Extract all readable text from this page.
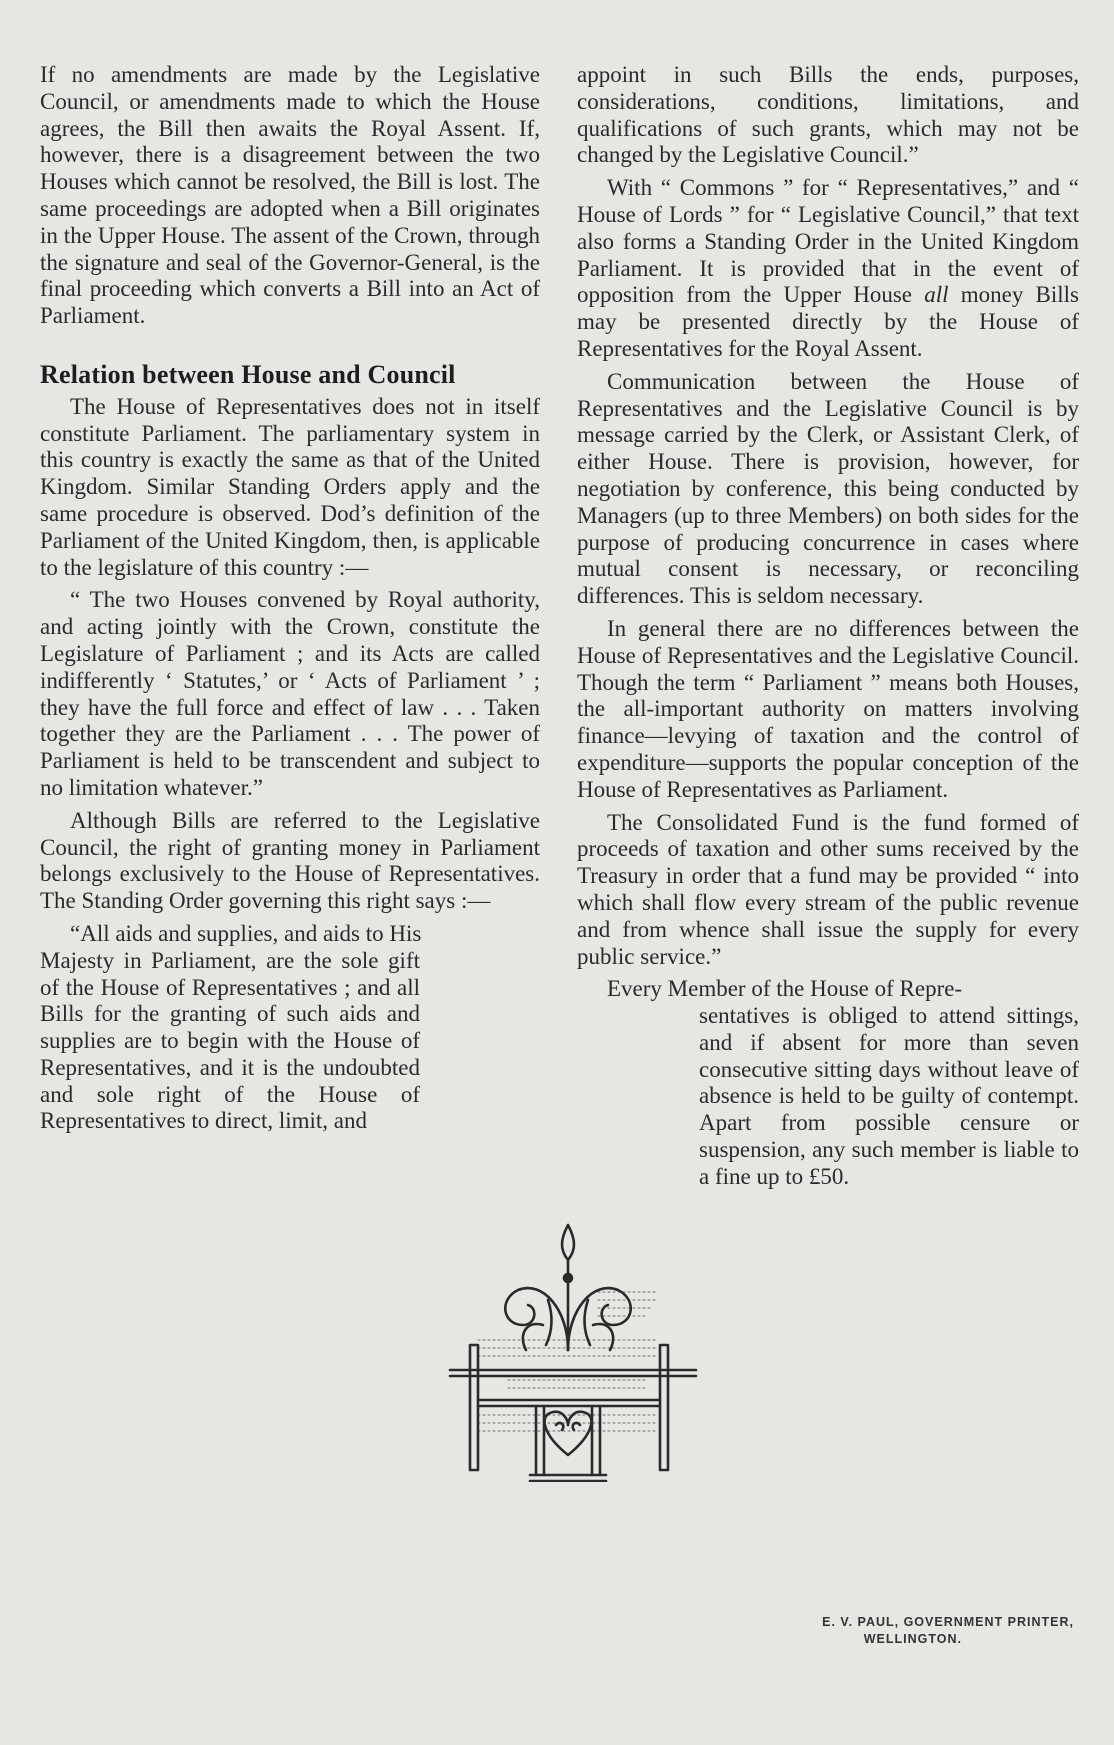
If no amendments are made by the Legislative Council, or amendments made to which the House agrees, the Bill then awaits the Royal Assent. If, however, there is a disagreement between the two Houses which cannot be resolved, the Bill is lost. The same proceedings are adopted when a Bill originates in the Upper House. The assent of the Crown, through the signature and seal of the Governor-General, is the final proceeding which converts a Bill into an Act of Parliament.

Relation between House and Council

The House of Representatives does not in itself constitute Parliament. The parliamentary system in this country is exactly the same as that of the United Kingdom. Similar Standing Orders apply and the same procedure is observed. Dod’s definition of the Parliament of the United Kingdom, then, is applicable to the legislature of this country :—

“ The two Houses convened by Royal authority, and acting jointly with the Crown, constitute the Legislature of Parliament ; and its Acts are called indifferently ‘ Statutes,’ or ‘ Acts of Parliament ’ ; they have the full force and effect of law . . . Taken together they are the Parliament . . . The power of Parliament is held to be transcendent and subject to no limitation whatever.”

Although Bills are referred to the Legislative Council, the right of granting money in Parliament belongs exclusively to the House of Representatives. The Standing Order governing this right says :—

“All aids and supplies, and aids to His

Majesty in Parliament, are the sole gift of the House of Representatives ; and all Bills for the granting of such aids and supplies are to begin with the House of Representatives, and it is the undoubted and sole right of the House of Representatives to direct, limit, and

appoint in such Bills the ends, purposes, considerations, conditions, limitations, and qualifications of such grants, which may not be changed by the Legislative Council.”

With “ Commons ” for “ Representatives,” and “ House of Lords ” for “ Legislative Council,” that text also forms a Standing Order in the United Kingdom Parliament. It is provided that in the event of opposition from the Upper House all money Bills may be presented directly by the House of Representatives for the Royal Assent.

Communication between the House of Representatives and the Legislative Council is by message carried by the Clerk, or Assistant Clerk, of either House. There is provision, however, for negotiation by conference, this being conducted by Managers (up to three Members) on both sides for the purpose of producing concurrence in cases where mutual consent is necessary, or reconciling differences. This is seldom necessary.

In general there are no differences between the House of Representatives and the Legislative Council. Though the term “ Parliament ” means both Houses, the all-important authority on matters involving finance—levying of taxation and the control of expenditure—supports the popular conception of the House of Representatives as Parliament.

The Consolidated Fund is the fund formed of proceeds of taxation and other sums received by the Treasury in order that a fund may be provided “ into which shall flow every stream of the public revenue and from whence shall issue the supply for every public service.”

Every Member of the House of Repre-

sentatives is obliged to attend sittings, and if absent for more than seven consecutive sitting days without leave of absence is held to be guilty of contempt. Apart from possible censure or suspension, any such member is liable to a fine up to £50.

E. V. PAUL, GOVERNMENT PRINTER,

WELLINGTON.
